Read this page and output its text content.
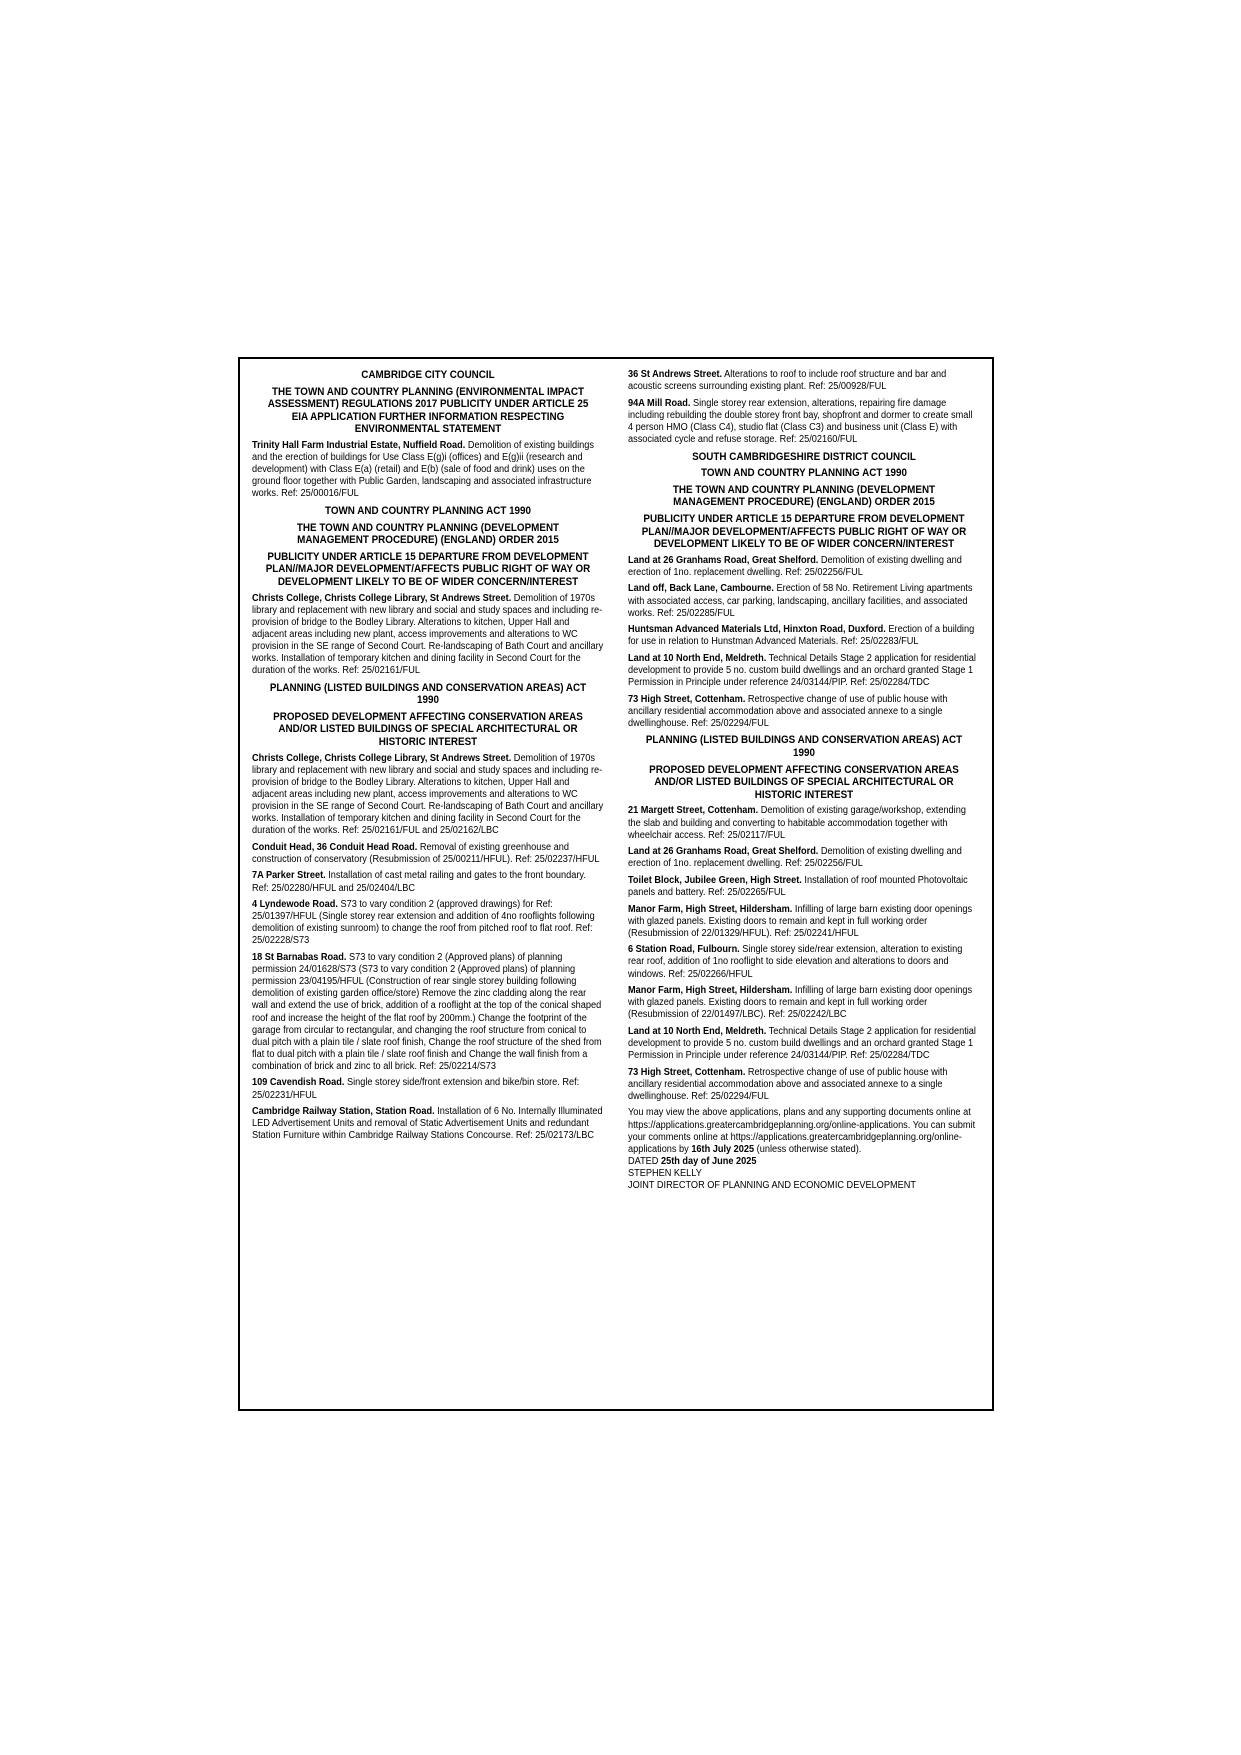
CAMBRIDGE CITY COUNCIL
THE TOWN AND COUNTRY PLANNING (ENVIRONMENTAL IMPACT ASSESSMENT) REGULATIONS 2017 PUBLICITY UNDER ARTICLE 25 EIA APPLICATION FURTHER INFORMATION RESPECTING ENVIRONMENTAL STATEMENT

Trinity Hall Farm Industrial Estate, Nuffield Road. Demolition of existing buildings and the erection of buildings for Use Class E(g)i (offices) and E(g)ii (research and development) with Class E(a) (retail) and E(b) (sale of food and drink) uses on the ground floor together with Public Garden, landscaping and associated infrastructure works. Ref: 25/00016/FUL

TOWN AND COUNTRY PLANNING ACT 1990
THE TOWN AND COUNTRY PLANNING (DEVELOPMENT MANAGEMENT PROCEDURE) (ENGLAND) ORDER 2015
PUBLICITY UNDER ARTICLE 15 DEPARTURE FROM DEVELOPMENT PLAN//MAJOR DEVELOPMENT/AFFECTS PUBLIC RIGHT OF WAY OR DEVELOPMENT LIKELY TO BE OF WIDER CONCERN/INTEREST

Christs College, Christs College Library, St Andrews Street. Demolition of 1970s library and replacement with new library and social and study spaces and including re-provision of bridge to the Bodley Library. Alterations to kitchen, Upper Hall and adjacent areas including new plant, access improvements and alterations to WC provision in the SE range of Second Court. Re-landscaping of Bath Court and ancillary works. Installation of temporary kitchen and dining facility in Second Court for the duration of the works. Ref: 25/02161/FUL

PLANNING (LISTED BUILDINGS AND CONSERVATION AREAS) ACT 1990
PROPOSED DEVELOPMENT AFFECTING CONSERVATION AREAS AND/OR LISTED BUILDINGS OF SPECIAL ARCHITECTURAL OR HISTORIC INTEREST

Christs College, Christs College Library, St Andrews Street. Demolition of 1970s library and replacement with new library and social and study spaces and including re-provision of bridge to the Bodley Library. Alterations to kitchen, Upper Hall and adjacent areas including new plant, access improvements and alterations to WC provision in the SE range of Second Court. Re-landscaping of Bath Court and ancillary works. Installation of temporary kitchen and dining facility in Second Court for the duration of the works. Ref: 25/02161/FUL and 25/02162/LBC

Conduit Head, 36 Conduit Head Road. Removal of existing greenhouse and construction of conservatory (Resubmission of 25/00211/HFUL). Ref: 25/02237/HFUL

7A Parker Street. Installation of cast metal railing and gates to the front boundary. Ref: 25/02280/HFUL and 25/02404/LBC

4 Lyndewode Road. S73 to vary condition 2 (approved drawings) for Ref: 25/01397/HFUL (Single storey rear extension and addition of 4no rooflights following demolition of existing sunroom) to change the roof from pitched roof to flat roof. Ref: 25/02228/S73

18 St Barnabas Road. S73 to vary condition 2 (Approved plans) of planning permission 24/01628/S73 (S73 to vary condition 2 (Approved plans) of planning permission 23/04195/HFUL (Construction of rear single storey building following demolition of existing garden office/store) Remove the zinc cladding along the rear wall and extend the use of brick, addition of a rooflight at the top of the conical shaped roof and increase the height of the flat roof by 200mm.) Change the footprint of the garage from circular to rectangular, and changing the roof structure from conical to dual pitch with a plain tile / slate roof finish, Change the roof structure of the shed from flat to dual pitch with a plain tile / slate roof finish and Change the wall finish from a combination of brick and zinc to all brick. Ref: 25/02214/S73

109 Cavendish Road. Single storey side/front extension and bike/bin store. Ref: 25/02231/HFUL

Cambridge Railway Station, Station Road. Installation of 6 No. Internally Illuminated LED Advertisement Units and removal of Static Advertisement Units and redundant Station Furniture within Cambridge Railway Stations Concourse. Ref: 25/02173/LBC

36 St Andrews Street. Alterations to roof to include roof structure and bar and acoustic screens surrounding existing plant. Ref: 25/00928/FUL

94A Mill Road. Single storey rear extension, alterations, repairing fire damage including rebuilding the double storey front bay, shopfront and dormer to create small 4 person HMO (Class C4), studio flat (Class C3) and business unit (Class E) with associated cycle and refuse storage. Ref: 25/02160/FUL

SOUTH CAMBRIDGESHIRE DISTRICT COUNCIL
TOWN AND COUNTRY PLANNING ACT 1990
THE TOWN AND COUNTRY PLANNING (DEVELOPMENT MANAGEMENT PROCEDURE) (ENGLAND) ORDER 2015
PUBLICITY UNDER ARTICLE 15 DEPARTURE FROM DEVELOPMENT PLAN//MAJOR DEVELOPMENT/AFFECTS PUBLIC RIGHT OF WAY OR DEVELOPMENT LIKELY TO BE OF WIDER CONCERN/INTEREST

Land at 26 Granhams Road, Great Shelford. Demolition of existing dwelling and erection of 1no. replacement dwelling. Ref: 25/02256/FUL

Land off, Back Lane, Cambourne. Erection of 58 No. Retirement Living apartments with associated access, car parking, landscaping, ancillary facilities, and associated works. Ref: 25/02285/FUL

Huntsman Advanced Materials Ltd, Hinxton Road, Duxford. Erection of a building for use in relation to Hunstman Advanced Materials. Ref: 25/02283/FUL

Land at 10 North End, Meldreth. Technical Details Stage 2 application for residential development to provide 5 no. custom build dwellings and an orchard granted Stage 1 Permission in Principle under reference 24/03144/PIP. Ref: 25/02284/TDC

73 High Street, Cottenham. Retrospective change of use of public house with ancillary residential accommodation above and associated annexe to a single dwellinghouse. Ref: 25/02294/FUL

PLANNING (LISTED BUILDINGS AND CONSERVATION AREAS) ACT 1990
PROPOSED DEVELOPMENT AFFECTING CONSERVATION AREAS AND/OR LISTED BUILDINGS OF SPECIAL ARCHITECTURAL OR HISTORIC INTEREST

21 Margett Street, Cottenham. Demolition of existing garage/workshop, extending the slab and building and converting to habitable accommodation together with wheelchair access. Ref: 25/02117/FUL

Land at 26 Granhams Road, Great Shelford. Demolition of existing dwelling and erection of 1no. replacement dwelling. Ref: 25/02256/FUL

Toilet Block, Jubilee Green, High Street. Installation of roof mounted Photovoltaic panels and battery. Ref: 25/02265/FUL

Manor Farm, High Street, Hildersham. Infilling of large barn existing door openings with glazed panels. Existing doors to remain and kept in full working order (Resubmission of 22/01329/HFUL). Ref: 25/02241/HFUL

6 Station Road, Fulbourn. Single storey side/rear extension, alteration to existing rear roof, addition of 1no rooflight to side elevation and alterations to doors and windows. Ref: 25/02266/HFUL

Manor Farm, High Street, Hildersham. Infilling of large barn existing door openings with glazed panels. Existing doors to remain and kept in full working order (Resubmission of 22/01497/LBC). Ref: 25/02242/LBC

Land at 10 North End, Meldreth. Technical Details Stage 2 application for residential development to provide 5 no. custom build dwellings and an orchard granted Stage 1 Permission in Principle under reference 24/03144/PIP. Ref: 25/02284/TDC

73 High Street, Cottenham. Retrospective change of use of public house with ancillary residential accommodation above and associated annexe to a single dwellinghouse. Ref: 25/02294/FUL

You may view the above applications, plans and any supporting documents online at https://applications.greatercambridgeplanning.org/online-applications. You can submit your comments online at https://applications.greatercambridgeplanning.org/online-applications by 16th July 2025 (unless otherwise stated).

DATED 25th day of June 2025

STEPHEN KELLY

JOINT DIRECTOR OF PLANNING AND ECONOMIC DEVELOPMENT
